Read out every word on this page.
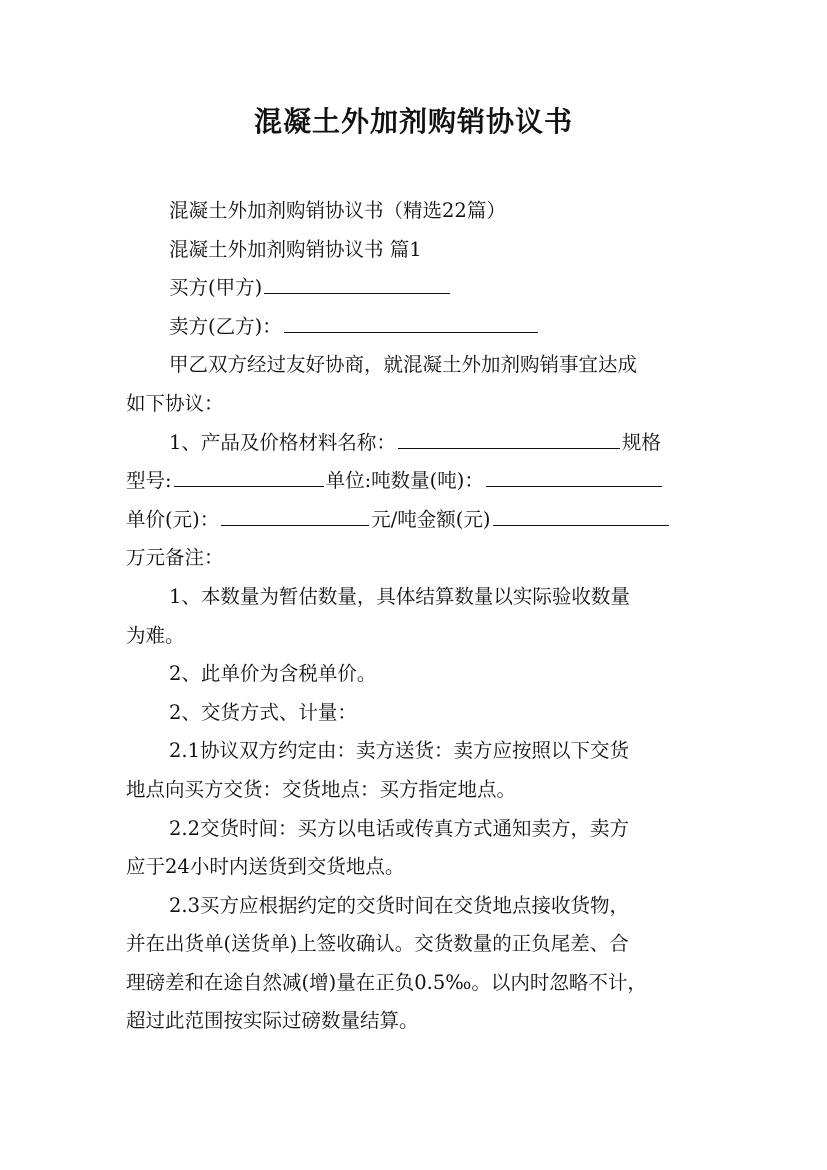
混凝土外加剂购销协议书
混凝土外加剂购销协议书（精选22篇）
混凝土外加剂购销协议书 篇1
买方(甲方)
卖方(乙方)：
甲乙双方经过友好协商，就混凝土外加剂购销事宜达成
如下协议：
1、产品及价格材料名称：	规格
型号:	单位:吨数量(吨)：
单价(元)：	元/吨金额(元)
万元备注：
1、本数量为暂估数量，具体结算数量以实际验收数量
为难。
2、此单价为含税单价。
2、交货方式、计量：
2.1协议双方约定由：卖方送货：卖方应按照以下交货
地点向买方交货：交货地点：买方指定地点。
2.2交货时间：买方以电话或传真方式通知卖方，卖方
应于24小时内送货到交货地点。
2.3买方应根据约定的交货时间在交货地点接收货物，
并在出货单(送货单)上签收确认。交货数量的正负尾差、合
理磅差和在途自然减(增)量在正负0.5‰。以内时忽略不计，
超过此范围按实际过磅数量结算。
